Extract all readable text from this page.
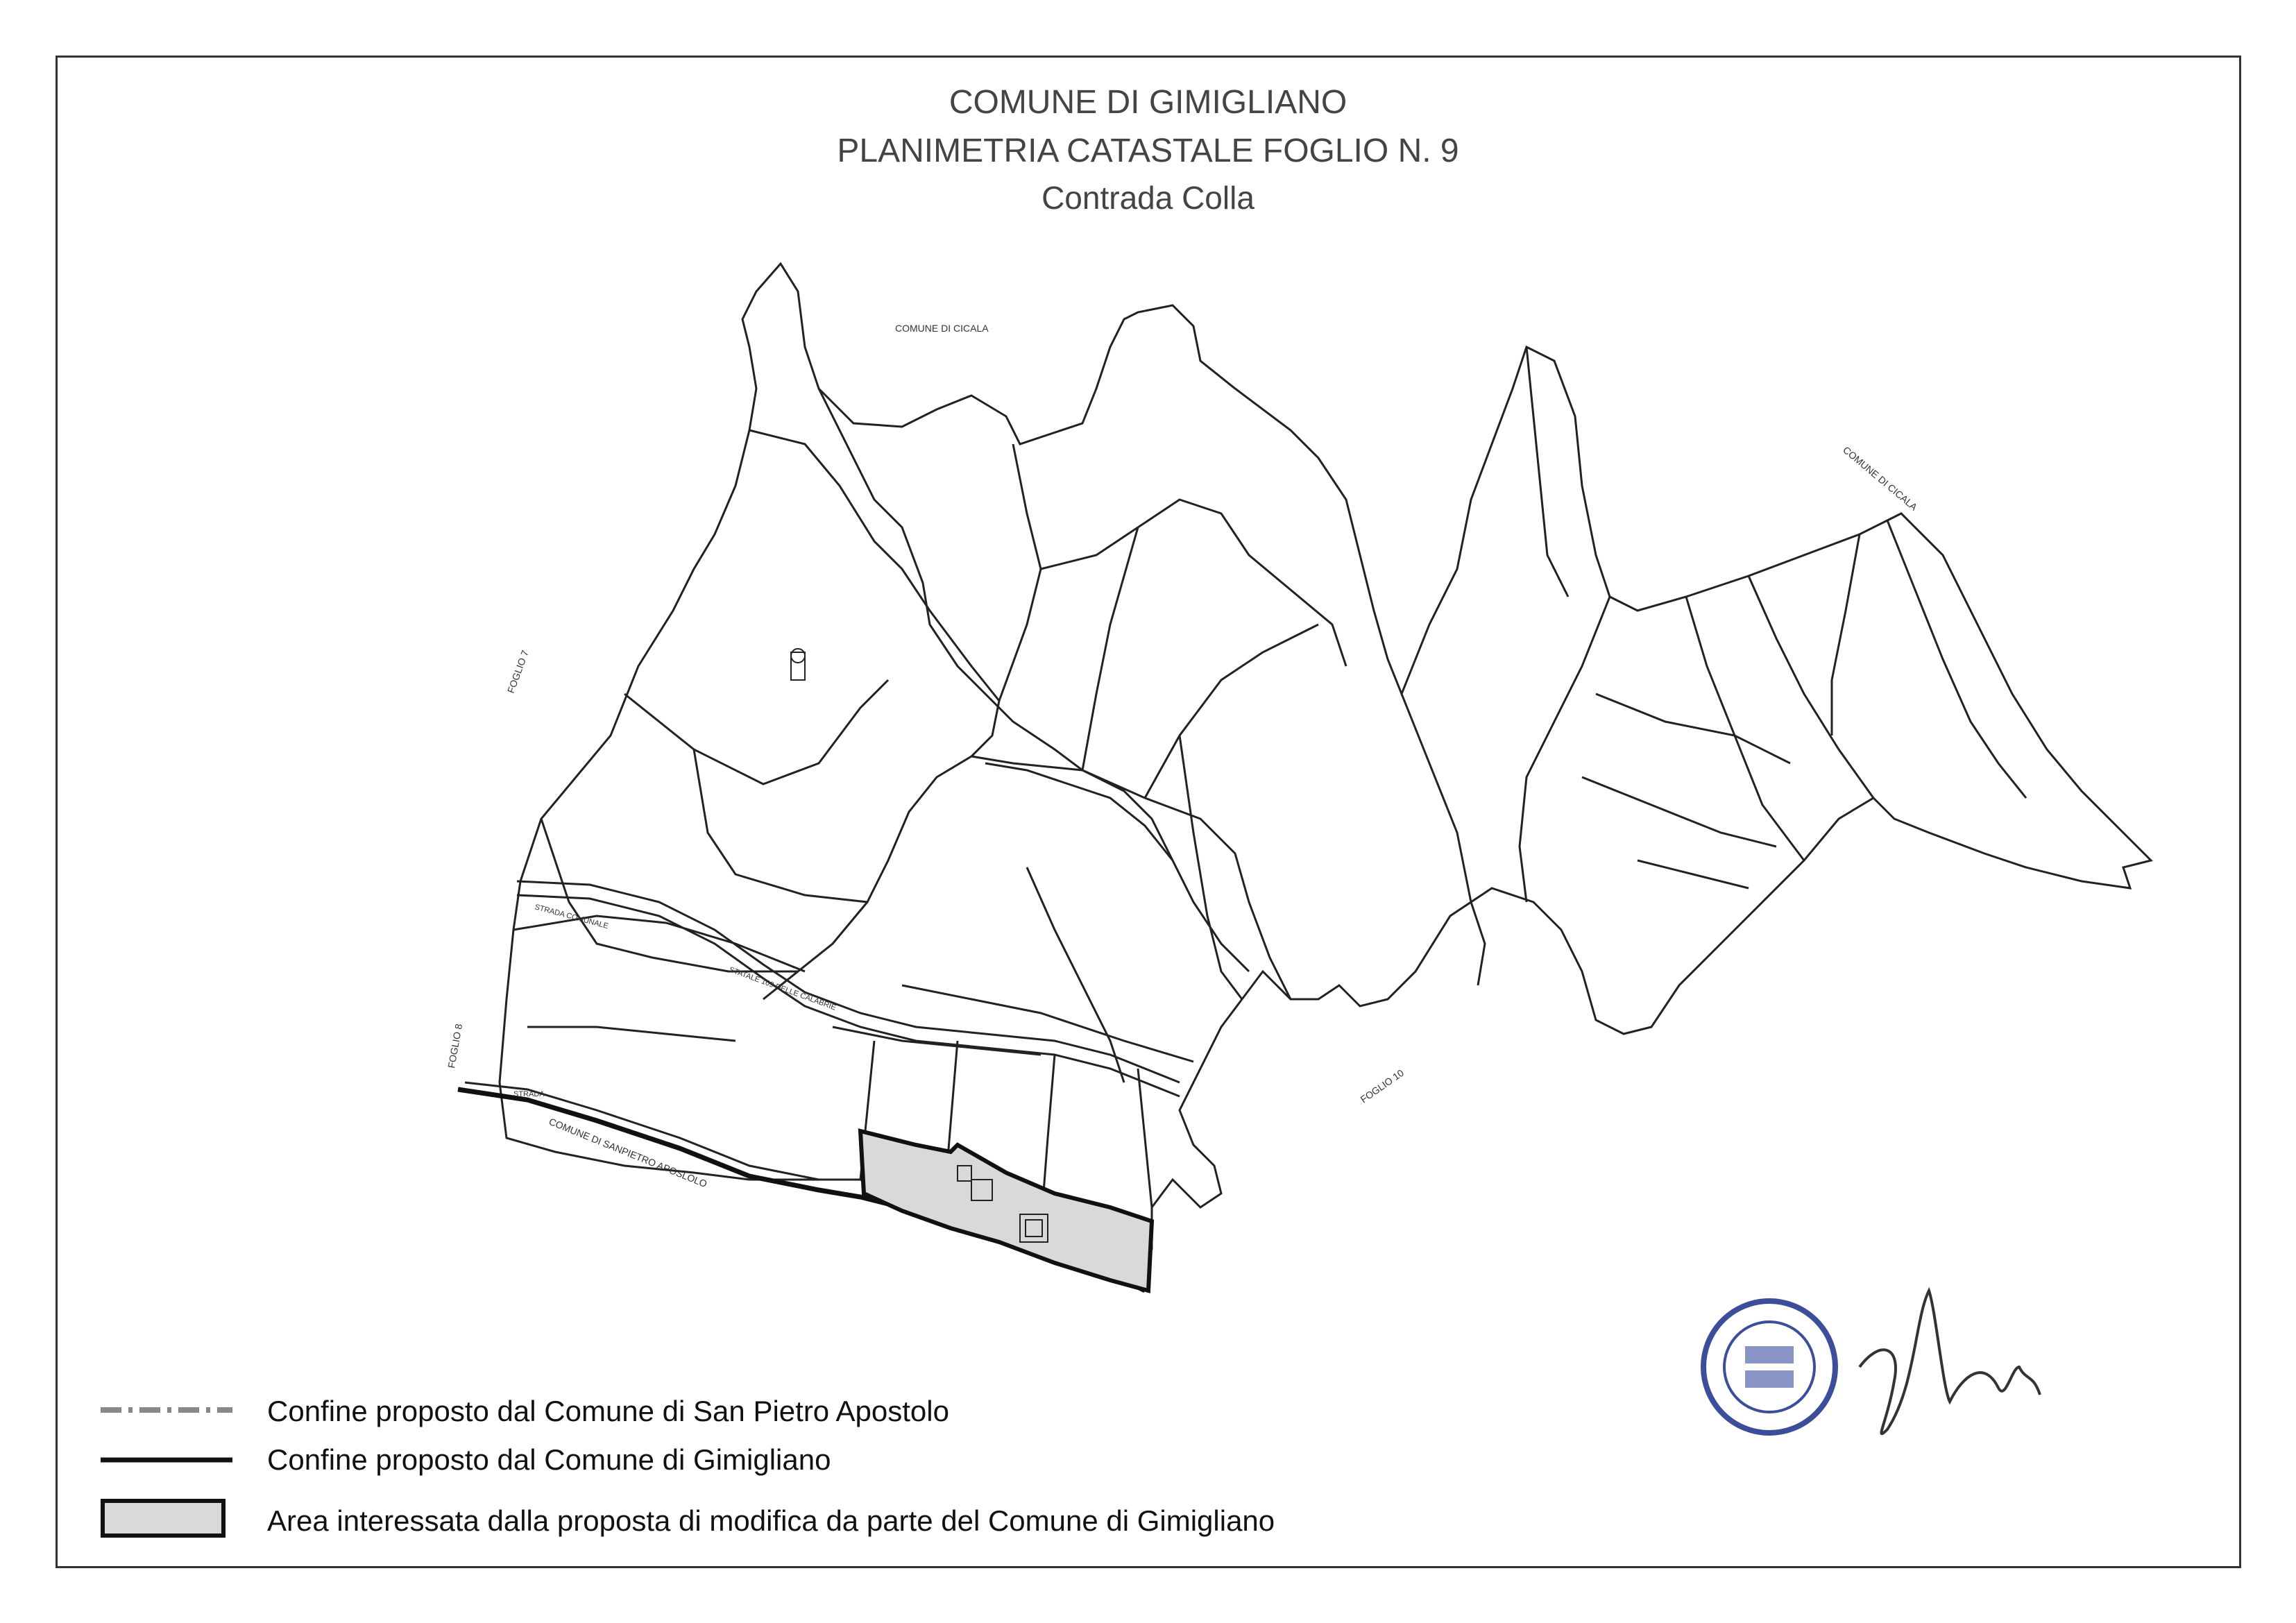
COMUNE DI GIMIGLIANO
PLANIMETRIA CATASTALE FOGLIO N. 9
Contrada Colla
COMUNE DI CICALA
COMUNE DI CICALA
COMUNE DI SANPIETRO APOSLOLO
FOGLIO 7
FOGLIO 8
FOGLIO 10
STRADA COMUNALE
STATALE 109 DELLE CALABRIE
STRADA
Confine proposto dal Comune di San Pietro Apostolo
Confine proposto dal Comune di Gimigliano
Area interessata dalla proposta di modifica da parte del Comune di Gimigliano
